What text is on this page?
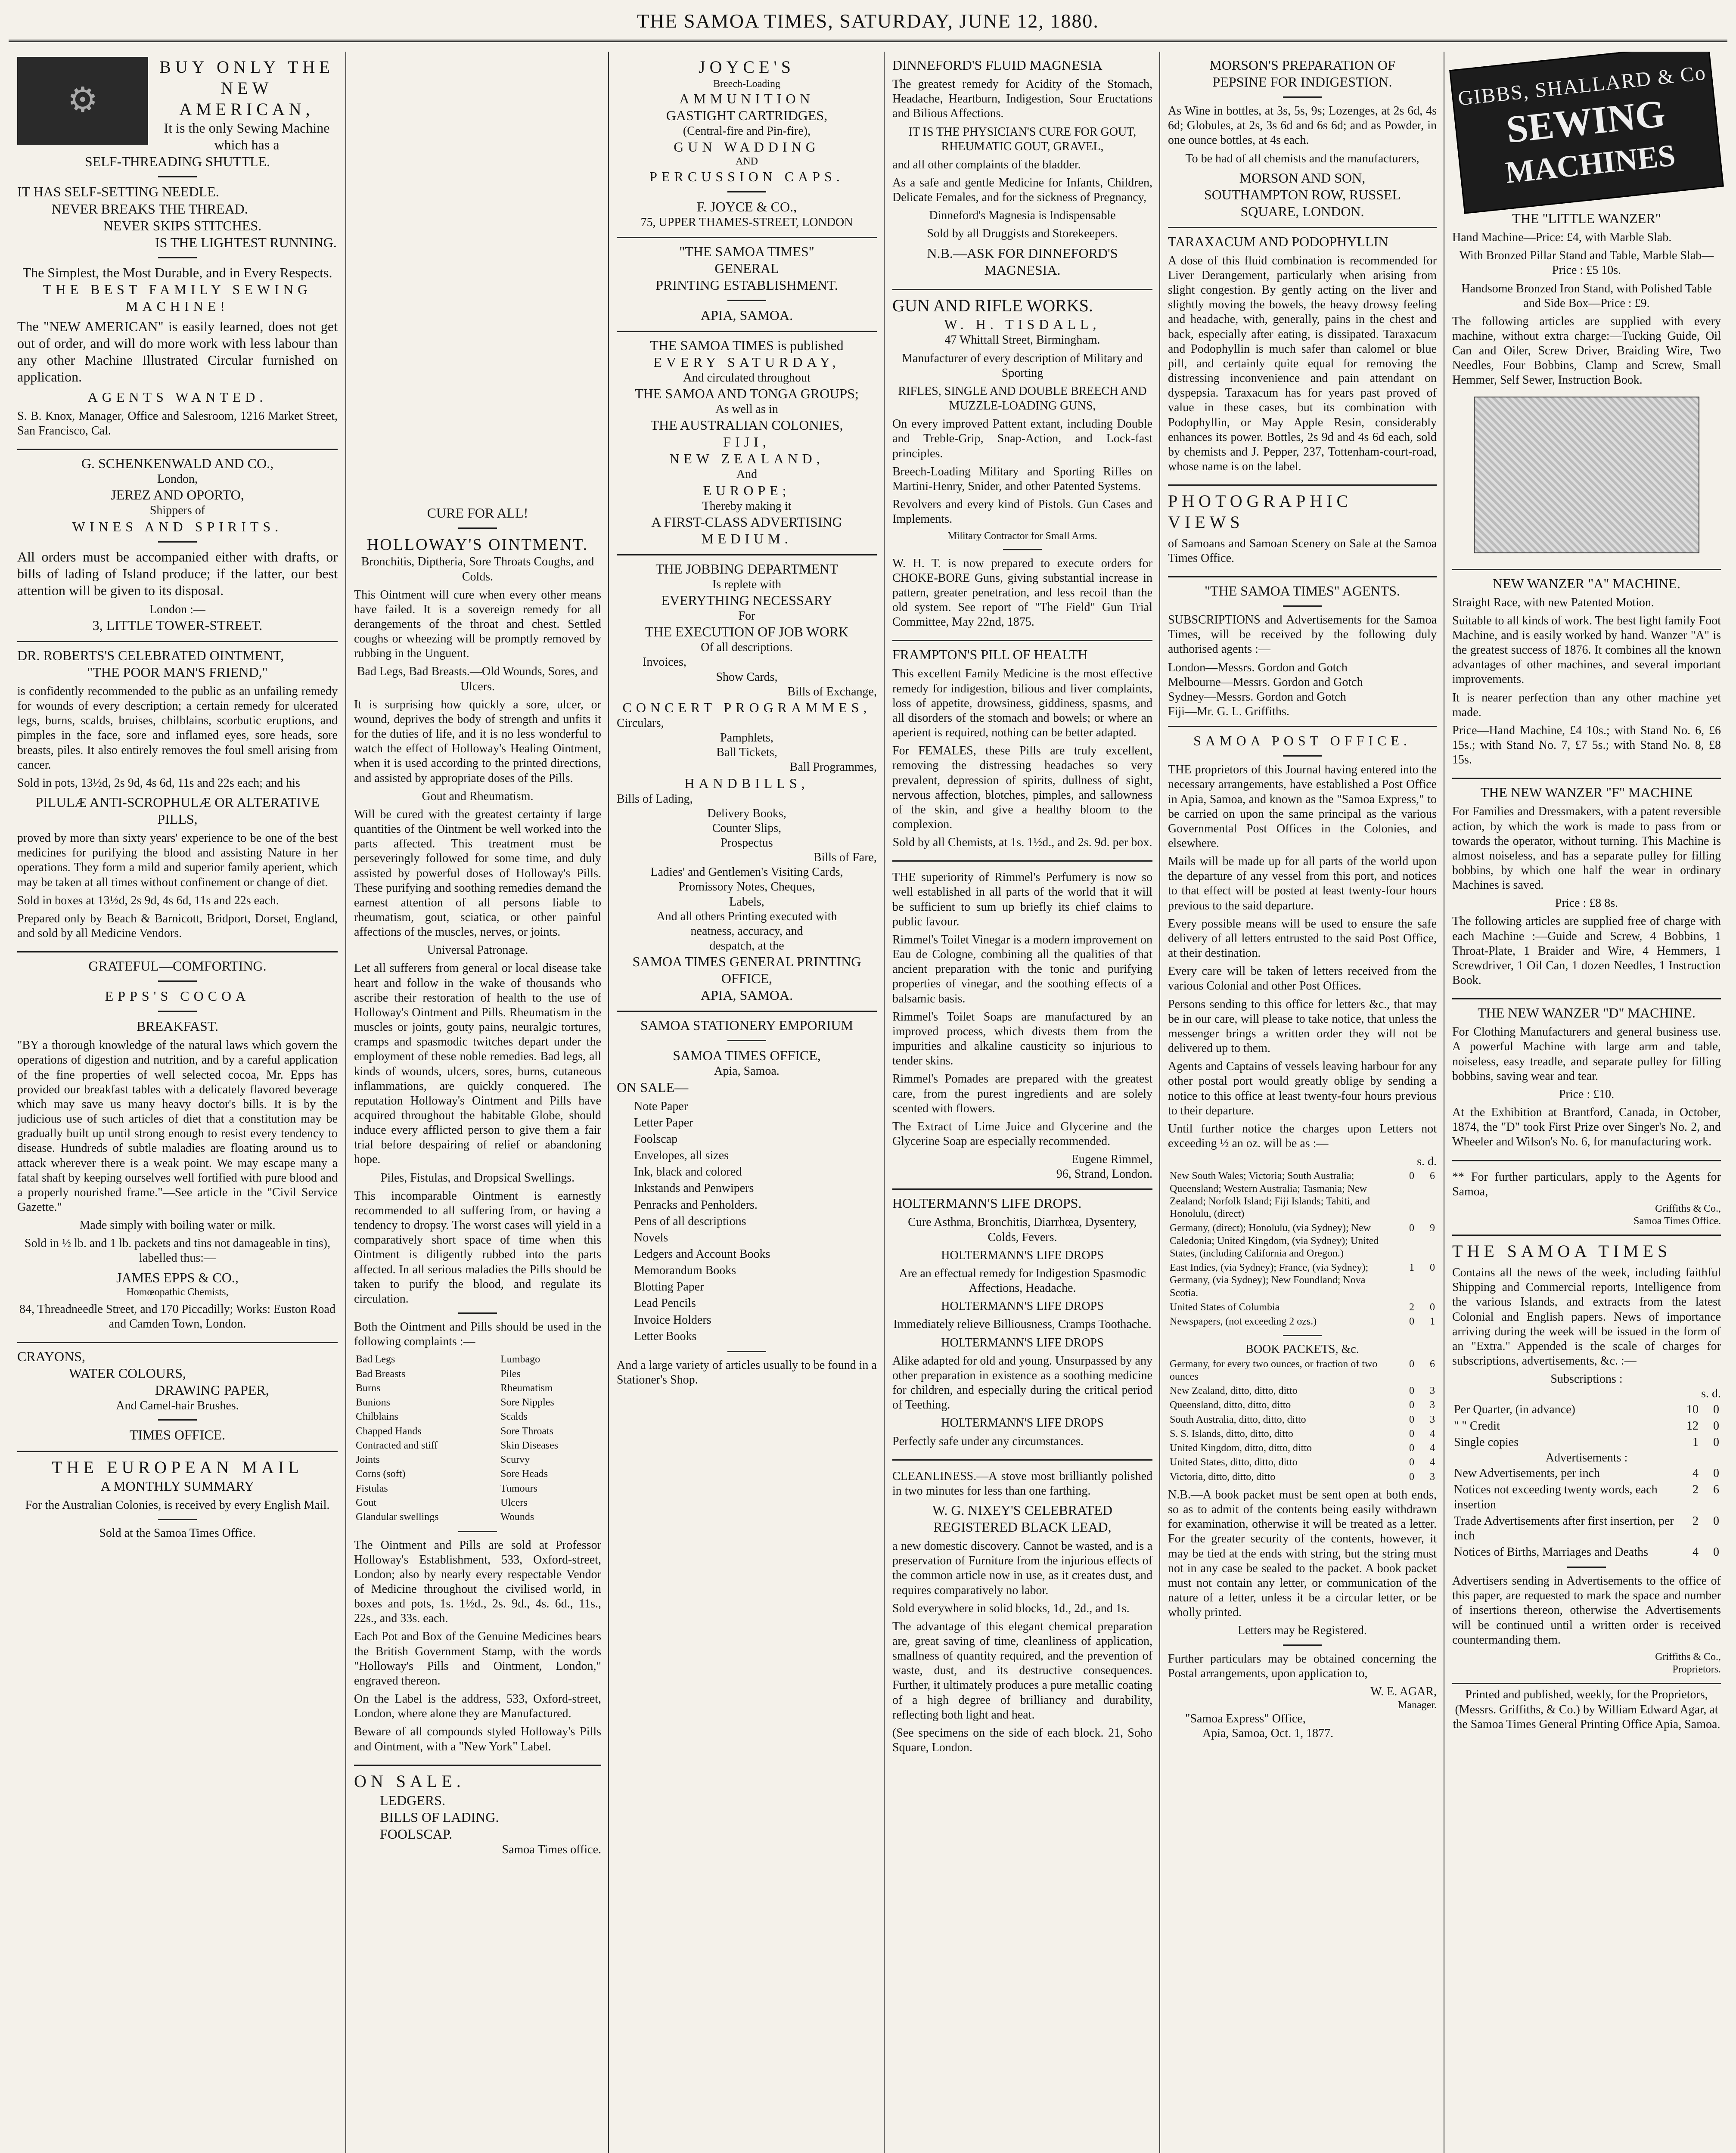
THE SAMOA TIMES, SATURDAY, JUNE 12, 1880.
⚙
BUY ONLY THE
NEW AMERICAN,
It is the only Sewing Machine which has a
SELF-THREADING SHUTTLE.
IT HAS SELF-SETTING NEEDLE.
NEVER BREAKS THE THREAD.
NEVER SKIPS STITCHES.
IS THE LIGHTEST RUNNING.
The Simplest, the Most Durable, and in Every Respects.
THE BEST FAMILY SEWING MACHINE!

The "NEW AMERICAN" is easily learned, does not get out of order, and will do more work with less labour than any other Machine Illustrated Circular furnished on application.

AGENTS WANTED.

S. B. Knox, Manager, Office and Salesroom, 1216 Market Street, San Francisco, Cal.

G. SCHENKENWALD AND CO.,
London,
JEREZ AND OPORTO,
Shippers of
WINES AND SPIRITS.

All orders must be accompanied either with drafts, or bills of lading of Island produce; if the latter, our best attention will be given to its disposal.

London :—
3, LITTLE TOWER-STREET.
DR. ROBERTS'S CELEBRATED OINTMENT,
"THE POOR MAN'S FRIEND,"

is confidently recommended to the public as an unfailing remedy for wounds of every description; a certain remedy for ulcerated legs, burns, scalds, bruises, chilblains, scorbutic eruptions, and pimples in the face, sore and inflamed eyes, sore heads, sore breasts, piles. It also entirely removes the foul smell arising from cancer.

Sold in pots, 13½d, 2s 9d, 4s 6d, 11s and 22s each; and his

PILULÆ ANTI-SCROPHULÆ OR ALTERATIVE PILLS,

proved by more than sixty years' experience to be one of the best medicines for purifying the blood and assisting Nature in her operations. They form a mild and superior family aperient, which may be taken at all times without confinement or change of diet.

Sold in boxes at 13½d, 2s 9d, 4s 6d, 11s and 22s each.

Prepared only by Beach & Barnicott, Bridport, Dorset, England, and sold by all Medicine Vendors.

GRATEFUL—COMFORTING.
EPPS'S COCOA
BREAKFAST.

"BY a thorough knowledge of the natural laws which govern the operations of digestion and nutrition, and by a careful application of the fine properties of well selected cocoa, Mr. Epps has provided our breakfast tables with a delicately flavored beverage which may save us many heavy doctor's bills. It is by the judicious use of such articles of diet that a constitution may be gradually built up until strong enough to resist every tendency to disease. Hundreds of subtle maladies are floating around us to attack wherever there is a weak point. We may escape many a fatal shaft by keeping ourselves well fortified with pure blood and a properly nourished frame."—See article in the "Civil Service Gazette."

Made simply with boiling water or milk.

Sold in ½ lb. and 1 lb. packets and tins not damageable in tins), labelled thus:—

JAMES EPPS & CO.,
Homœopathic Chemists,

84, Threadneedle Street, and 170 Piccadilly; Works: Euston Road and Camden Town, London.

CRAYONS,
WATER COLOURS,
DRAWING PAPER,
And Camel-hair Brushes.
TIMES OFFICE.
THE EUROPEAN MAIL
A MONTHLY SUMMARY

For the Australian Colonies, is received by every English Mail.

Sold at the Samoa Times Office.
CURE FOR ALL!
HOLLOWAY'S OINTMENT.
Bronchitis, Diptheria, Sore Throats Coughs, and Colds.

This Ointment will cure when every other means have failed. It is a sovereign remedy for all derangements of the throat and chest. Settled coughs or wheezing will be promptly removed by rubbing in the Unguent.

Bad Legs, Bad Breasts.—Old Wounds, Sores, and Ulcers.

It is surprising how quickly a sore, ulcer, or wound, deprives the body of strength and unfits it for the duties of life, and it is no less wonderful to watch the effect of Holloway's Healing Ointment, when it is used according to the printed directions, and assisted by appropriate doses of the Pills.

Gout and Rheumatism.

Will be cured with the greatest certainty if large quantities of the Ointment be well worked into the parts affected. This treatment must be perseveringly followed for some time, and duly assisted by powerful doses of Holloway's Pills. These purifying and soothing remedies demand the earnest attention of all persons liable to rheumatism, gout, sciatica, or other painful affections of the muscles, nerves, or joints.

Universal Patronage.

Let all sufferers from general or local disease take heart and follow in the wake of thousands who ascribe their restoration of health to the use of Holloway's Ointment and Pills. Rheumatism in the muscles or joints, gouty pains, neuralgic tortures, cramps and spasmodic twitches depart under the employment of these noble remedies. Bad legs, all kinds of wounds, ulcers, sores, burns, cutaneous inflammations, are quickly conquered. The reputation Holloway's Ointment and Pills have acquired throughout the habitable Globe, should induce every afflicted person to give them a fair trial before despairing of relief or abandoning hope.

Piles, Fistulas, and Dropsical Swellings.

This incomparable Ointment is earnestly recommended to all suffering from, or having a tendency to dropsy. The worst cases will yield in a comparatively short space of time when this Ointment is diligently rubbed into the parts affected. In all serious maladies the Pills should be taken to purify the blood, and regulate its circulation.

Both the Ointment and Pills should be used in the following complaints :—

Bad Legs	Lumbago
Bad Breasts	Piles
Burns	Rheumatism
Bunions	Sore Nipples
Chilblains	Scalds
Chapped Hands	Sore Throats
Contracted and stiff	Skin Diseases
Joints	Scurvy
Corns (soft)	Sore Heads
Fistulas	Tumours
Gout	Ulcers
Glandular swellings	Wounds

The Ointment and Pills are sold at Professor Holloway's Establishment, 533, Oxford-street, London; also by nearly every respectable Vendor of Medicine throughout the civilised world, in boxes and pots, 1s. 1½d., 2s. 9d., 4s. 6d., 11s., 22s., and 33s. each.

Each Pot and Box of the Genuine Medicines bears the British Government Stamp, with the words "Holloway's Pills and Ointment, London," engraved thereon.

On the Label is the address, 533, Oxford-street, London, where alone they are Manufactured.

Beware of all compounds styled Holloway's Pills and Ointment, with a "New York" Label.

ON SALE.
LEDGERS.
BILLS OF LADING.
FOOLSCAP.
Samoa Times office.
JOYCE'S
Breech-Loading
AMMUNITION
GASTIGHT CARTRIDGES,
(Central-fire and Pin-fire),
GUN WADDING
AND
PERCUSSION CAPS.
F. JOYCE & CO.,
75, UPPER THAMES-STREET, LONDON
"THE SAMOA TIMES"
GENERAL
PRINTING ESTABLISHMENT.
APIA, SAMOA.
THE SAMOA TIMES is published
EVERY SATURDAY,
And circulated throughout
THE SAMOA AND TONGA GROUPS;
As well as in
THE AUSTRALIAN COLONIES,
FIJI,
NEW ZEALAND,
And
EUROPE;
Thereby making it
A FIRST-CLASS ADVERTISING
MEDIUM.
THE JOBBING DEPARTMENT
Is replete with
EVERYTHING NECESSARY
For
THE EXECUTION OF JOB WORK
Of all descriptions.
Invoices,
Show Cards,
Bills of Exchange,
CONCERT PROGRAMMES,
Circulars,
Pamphlets,
Ball Tickets,
Ball Programmes,
HANDBILLS,
Bills of Lading,
Delivery Books,
Counter Slips,
Prospectus
Bills of Fare,
Ladies' and Gentlemen's Visiting Cards,
Promissory Notes, Cheques,
Labels,
And all others Printing executed with
neatness, accuracy, and
despatch, at the
SAMOA TIMES GENERAL PRINTING
OFFICE,
APIA, SAMOA.
SAMOA STATIONERY EMPORIUM
SAMOA TIMES OFFICE,
Apia, Samoa.
ON SALE—
Note Paper
Letter Paper
Foolscap
Envelopes, all sizes
Ink, black and colored
Inkstands and Penwipers
Penracks and Penholders.
Pens of all descriptions
Novels
Ledgers and Account Books
Memorandum Books
Blotting Paper
Lead Pencils
Invoice Holders
Letter Books

And a large variety of articles usually to be found in a Stationer's Shop.

DINNEFORD'S FLUID MAGNESIA

The greatest remedy for Acidity of the Stomach, Headache, Heartburn, Indigestion, Sour Eructations and Bilious Affections.

IT IS THE PHYSICIAN'S CURE FOR GOUT, RHEUMATIC GOUT, GRAVEL,

and all other complaints of the bladder.

As a safe and gentle Medicine for Infants, Children, Delicate Females, and for the sickness of Pregnancy,

Dinneford's Magnesia is Indispensable

Sold by all Druggists and Storekeepers.

N.B.—ASK FOR DINNEFORD'S MAGNESIA.

GUN AND RIFLE WORKS.
W. H. TISDALL,
47 Whittall Street, Birmingham.

Manufacturer of every description of Military and Sporting

RIFLES, SINGLE AND DOUBLE BREECH AND MUZZLE-LOADING GUNS,

On every improved Pattent extant, including Double and Treble-Grip, Snap-Action, and Lock-fast principles.

Breech-Loading Military and Sporting Rifles on Martini-Henry, Snider, and other Patented Systems.

Revolvers and every kind of Pistols. Gun Cases and Implements.

Military Contractor for Small Arms.

W. H. T. is now prepared to execute orders for CHOKE-BORE Guns, giving substantial increase in pattern, greater penetration, and less recoil than the old system. See report of "The Field" Gun Trial Committee, May 22nd, 1875.

FRAMPTON'S PILL OF HEALTH

This excellent Family Medicine is the most effective remedy for indigestion, bilious and liver complaints, loss of appetite, drowsiness, giddiness, spasms, and all disorders of the stomach and bowels; or where an aperient is required, nothing can be better adapted.

For FEMALES, these Pills are truly excellent, removing the distressing headaches so very prevalent, depression of spirits, dullness of sight, nervous affection, blotches, pimples, and sallowness of the skin, and give a healthy bloom to the complexion.

Sold by all Chemists, at 1s. 1½d., and 2s. 9d. per box.

THE superiority of Rimmel's Perfumery is now so well established in all parts of the world that it will be sufficient to sum up briefly its chief claims to public favour.

Rimmel's Toilet Vinegar is a modern improvement on Eau de Cologne, combining all the qualities of that ancient preparation with the tonic and purifying properties of vinegar, and the soothing effects of a balsamic basis.

Rimmel's Toilet Soaps are manufactured by an improved process, which divests them from the impurities and alkaline causticity so injurious to tender skins.

Rimmel's Pomades are prepared with the greatest care, from the purest ingredients and are solely scented with flowers.

The Extract of Lime Juice and Glycerine and the Glycerine Soap are especially recommended.

Eugene Rimmel,
96, Strand, London.
HOLTERMANN'S LIFE DROPS.

Cure Asthma, Bronchitis, Diarrhœa, Dysentery, Colds, Fevers.

HOLTERMANN'S LIFE DROPS

Are an effectual remedy for Indigestion Spasmodic Affections, Headache.

HOLTERMANN'S LIFE DROPS

Immediately relieve Billiousness, Cramps Toothache.

HOLTERMANN'S LIFE DROPS

Alike adapted for old and young. Unsurpassed by any other preparation in existence as a soothing medicine for children, and especially during the critical period of Teething.

HOLTERMANN'S LIFE DROPS

Perfectly safe under any circumstances.

CLEANLINESS.—A stove most brilliantly polished in two minutes for less than one farthing.

W. G. NIXEY'S CELEBRATED
REGISTERED BLACK LEAD,

a new domestic discovery. Cannot be wasted, and is a preservation of Furniture from the injurious effects of the common article now in use, as it creates dust, and requires comparatively no labor.

Sold everywhere in solid blocks, 1d., 2d., and 1s.

The advantage of this elegant chemical preparation are, great saving of time, cleanliness of application, smallness of quantity required, and the prevention of waste, dust, and its destructive consequences. Further, it ultimately produces a pure metallic coating of a high degree of brilliancy and durability, reflecting both light and heat.

(See specimens on the side of each block. 21, Soho Square, London.

MORSON'S PREPARATION OF
PEPSINE FOR INDIGESTION.

As Wine in bottles, at 3s, 5s, 9s; Lozenges, at 2s 6d, 4s 6d; Globules, at 2s, 3s 6d and 6s 6d; and as Powder, in one ounce bottles, at 4s each.

To be had of all chemists and the manufacturers,

MORSON AND SON,
SOUTHAMPTON ROW, RUSSEL
SQUARE, LONDON.
TARAXACUM AND PODOPHYLLIN

A dose of this fluid combination is recommended for Liver Derangement, particularly when arising from slight congestion. By gently acting on the liver and slightly moving the bowels, the heavy drowsy feeling and headache, with, generally, pains in the chest and back, especially after eating, is dissipated. Taraxacum and Podophyllin is much safer than calomel or blue pill, and certainly quite equal for removing the distressing inconvenience and pain attendant on dyspepsia. Taraxacum has for years past proved of value in these cases, but its combination with Podophyllin, or May Apple Resin, considerably enhances its power. Bottles, 2s 9d and 4s 6d each, sold by chemists and J. Pepper, 237, Tottenham-court-road, whose name is on the label.

PHOTOGRAPHIC VIEWS

of Samoans and Samoan Scenery on Sale at the Samoa Times Office.

"THE SAMOA TIMES" AGENTS.

SUBSCRIPTIONS and Advertisements for the Samoa Times, will be received by the following duly authorised agents :—

London—Messrs. Gordon and Gotch
Melbourne—Messrs. Gordon and Gotch
Sydney—Messrs. Gordon and Gotch
Fiji—Mr. G. L. Griffiths.
SAMOA POST OFFICE.

THE proprietors of this Journal having entered into the necessary arrangements, have established a Post Office in Apia, Samoa, and known as the "Samoa Express," to be carried on upon the same principal as the various Governmental Post Offices in the Colonies, and elsewhere.

Mails will be made up for all parts of the world upon the departure of any vessel from this port, and notices to that effect will be posted at least twenty-four hours previous to the said departure.

Every possible means will be used to ensure the safe delivery of all letters entrusted to the said Post Office, at their destination.

Every care will be taken of letters received from the various Colonial and other Post Offices.

Persons sending to this office for letters &c., that may be in our care, will please to take notice, that unless the messenger brings a written order they will not be delivered up to them.

Agents and Captains of vessels leaving harbour for any other postal port would greatly oblige by sending a notice to this office at least twenty-four hours previous to their departure.

Until further notice the charges upon Letters not exceeding ½ an oz. will be as :—

s. d.
New South Wales; Victoria; South Australia; Queensland; Western Australia; Tasmania; New Zealand; Norfolk Island; Fiji Islands; Tahiti, and Honolulu, (direct)	0	6
Germany, (direct); Honolulu, (via Sydney); New Caledonia; United Kingdom, (via Sydney); United States, (including California and Oregon.)	0	9
East Indies, (via Sydney); France, (via Sydney); Germany, (via Sydney); New Foundland; Nova Scotia.	1	0
United States of Columbia	2	0
Newspapers, (not exceeding 2 ozs.)	0	1
BOOK PACKETS, &c.
Germany, for every two ounces, or fraction of two ounces	0	6
New Zealand, ditto, ditto, ditto	0	3
Queensland, ditto, ditto, ditto	0	3
South Australia, ditto, ditto, ditto	0	3
S. S. Islands, ditto, ditto, ditto	0	4
United Kingdom, ditto, ditto, ditto	0	4
United States, ditto, ditto, ditto	0	4
Victoria, ditto, ditto, ditto	0	3

N.B.—A book packet must be sent open at both ends, so as to admit of the contents being easily withdrawn for examination, otherwise it will be treated as a letter. For the greater security of the contents, however, it may be tied at the ends with string, but the string must not in any case be sealed to the packet. A book packet must not contain any letter, or communication of the nature of a letter, unless it be a circular letter, or be wholly printed.

Letters may be Registered.

Further particulars may be obtained concerning the Postal arrangements, upon application to,

W. E. AGAR,
Manager.
"Samoa Express" Office,
Apia, Samoa, Oct. 1, 1877.
GIBBS, SHALLARD & Co
SEWING
MACHINES
THE "LITTLE WANZER"

Hand Machine—Price: £4, with Marble Slab.

With Bronzed Pillar Stand and Table, Marble Slab—Price : £5 10s.

Handsome Bronzed Iron Stand, with Polished Table and Side Box—Price : £9.

The following articles are supplied with every machine, without extra charge:—Tucking Guide, Oil Can and Oiler, Screw Driver, Braiding Wire, Two Needles, Four Bobbins, Clamp and Screw, Small Hemmer, Self Sewer, Instruction Book.

NEW WANZER "A" MACHINE.

Straight Race, with new Patented Motion.

Suitable to all kinds of work. The best light family Foot Machine, and is easily worked by hand. Wanzer "A" is the greatest success of 1876. It combines all the known advantages of other machines, and several important improvements.

It is nearer perfection than any other machine yet made.

Price—Hand Machine, £4 10s.; with Stand No. 6, £6 15s.; with Stand No. 7, £7 5s.; with Stand No. 8, £8 15s.

THE NEW WANZER "F" MACHINE

For Families and Dressmakers, with a patent reversible action, by which the work is made to pass from or towards the operator, without turning. This Machine is almost noiseless, and has a separate pulley for filling bobbins, by which one half the wear in ordinary Machines is saved.

Price : £8 8s.

The following articles are supplied free of charge with each Machine :—Guide and Screw, 4 Bobbins, 1 Throat-Plate, 1 Braider and Wire, 4 Hemmers, 1 Screwdriver, 1 Oil Can, 1 dozen Needles, 1 Instruction Book.

THE NEW WANZER "D" MACHINE.

For Clothing Manufacturers and general business use. A powerful Machine with large arm and table, noiseless, easy treadle, and separate pulley for filling bobbins, saving wear and tear.

Price : £10.

At the Exhibition at Brantford, Canada, in October, 1874, the "D" took First Prize over Singer's No. 2, and Wheeler and Wilson's No. 6, for manufacturing work.

** For further particulars, apply to the Agents for Samoa,

Griffiths & Co.,
Samoa Times Office.
THE SAMOA TIMES

Contains all the news of the week, including faithful Shipping and Commercial reports, Intelligence from the various Islands, and extracts from the latest Colonial and English papers. News of importance arriving during the week will be issued in the form of an "Extra." Appended is the scale of charges for subscriptions, advertisements, &c. :—

Subscriptions :
s. d.
Per Quarter, (in advance)	10	0
" " Credit	12	0
Single copies	1	0
Advertisements :
New Advertisements, per inch	4	0
Notices not exceeding twenty words, each insertion	2	6
Trade Advertisements after first insertion, per inch	2	0
Notices of Births, Marriages and Deaths	4	0

Advertisers sending in Advertisements to the office of this paper, are requested to mark the space and number of insertions thereon, otherwise the Advertisements will be continued until a written order is received countermanding them.

Griffiths & Co.,
Proprietors.

Printed and published, weekly, for the Proprietors, (Messrs. Griffiths, & Co.) by William Edward Agar, at the Samoa Times General Printing Office Apia, Samoa.
